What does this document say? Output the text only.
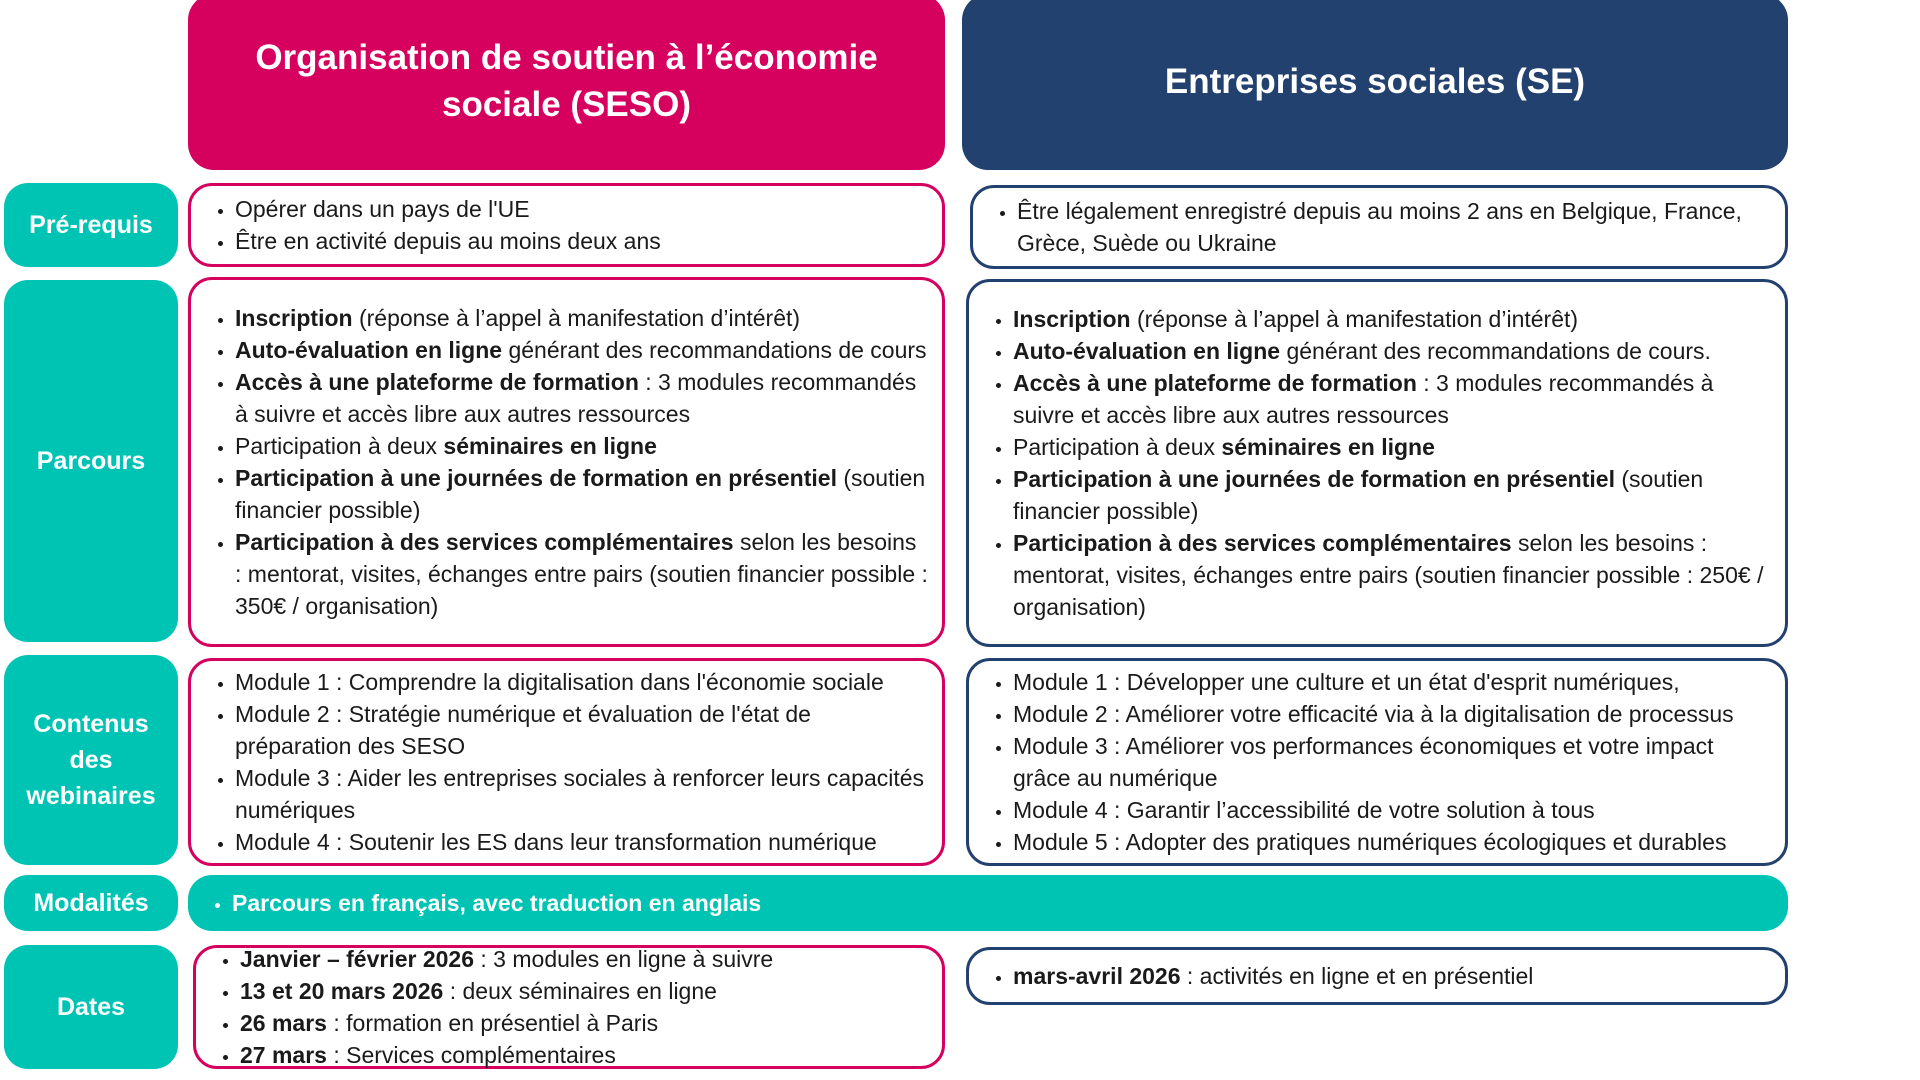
Organisation de soutien à l’économie sociale (SESO)
Entreprises sociales (SE)
Pré-requis
Parcours
Contenus
des
webinaires
Modalités
Dates
• Opérer dans un pays de l'UE
• Être en activité depuis au moins deux ans
• Être légalement enregistré depuis au moins 2 ans en Belgique, France, Grèce, Suède ou Ukraine
• Inscription (réponse à l’appel à manifestation d’intérêt)
• Auto-évaluation en ligne générant des recommandations de cours
• Accès à une plateforme de formation : 3 modules recommandés à suivre et accès libre aux autres ressources
• Participation à deux séminaires en ligne
• Participation à une journées de formation en présentiel (soutien financier possible)
• Participation à des services complémentaires selon les besoins : mentorat, visites, échanges entre pairs (soutien financier possible : 350€ / organisation)
• Inscription (réponse à l’appel à manifestation d’intérêt)
• Auto-évaluation en ligne générant des recommandations de cours.
• Accès à une plateforme de formation : 3 modules recommandés à suivre et accès libre aux autres ressources
• Participation à deux séminaires en ligne
• Participation à une journées de formation en présentiel (soutien financier possible)
• Participation à des services complémentaires selon les besoins : mentorat, visites, échanges entre pairs (soutien financier possible : 250€ / organisation)
• Module 1 : Comprendre la digitalisation dans l'économie sociale
• Module 2 : Stratégie numérique et évaluation de l'état de préparation des SESO
• Module 3 : Aider les entreprises sociales à renforcer leurs capacités numériques
• Module 4 : Soutenir les ES dans leur transformation numérique
• Module 1 : Développer une culture et un état d'esprit numériques,
• Module 2 : Améliorer votre efficacité via à la digitalisation de processus
• Module 3 : Améliorer vos performances économiques et votre impact grâce au numérique
• Module 4 : Garantir l’accessibilité de votre solution à tous
• Module 5 : Adopter des pratiques numériques écologiques et durables
• Parcours en français, avec traduction en anglais
• Janvier – février 2026 : 3 modules en ligne à suivre
• 13 et 20 mars 2026 : deux séminaires en ligne
• 26 mars : formation en présentiel à Paris
• 27 mars : Services complémentaires
• mars-avril 2026 : activités en ligne et en présentiel
